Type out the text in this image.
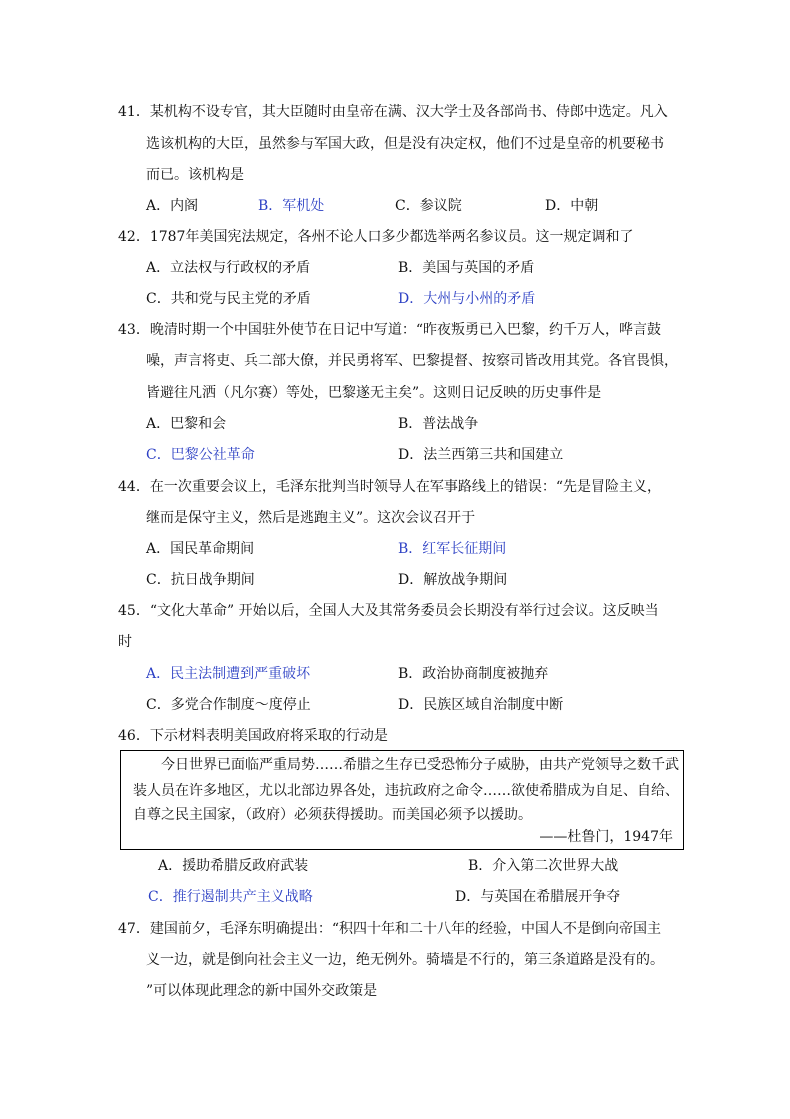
41．某机构不设专官，其大臣随时由皇帝在满、汉大学士及各部尚书、侍郎中选定。凡入
选该机构的大臣，虽然参与军国大政，但是没有决定权，他们不过是皇帝的机要秘书
而已。该机构是
A．内阁	B．军机处	C．参议院	D．中朝
42．1787年美国宪法规定，各州不论人口多少都选举两名参议员。这一规定调和了
A．立法权与行政权的矛盾	B．美国与英国的矛盾
C．共和党与民主党的矛盾	D．大州与小州的矛盾
43．晚清时期一个中国驻外使节在日记中写道：“昨夜叛勇已入巴黎，约千万人，哗言鼓
噪，声言将吏、兵二部大僚，并民勇将军、巴黎提督、按察司皆改用其党。各官畏惧，
皆避往凡洒（凡尔赛）等处，巴黎遂无主矣”。这则日记反映的历史事件是
A．巴黎和会	B．普法战争
C．巴黎公社革命	D．法兰西第三共和国建立
44．在一次重要会议上，毛泽东批判当时领导人在军事路线上的错误：“先是冒险主义，
继而是保守主义，然后是逃跑主义”。这次会议召开于
A．国民革命期间	B．红军长征期间
C．抗日战争期间	D．解放战争期间
45．“文化大革命” 开始以后，全国人大及其常务委员会长期没有举行过会议。这反映当
时
A．民主法制遭到严重破坏	B．政治协商制度被抛弃
C．多党合作制度～度停止	D．民族区域自治制度中断
46．下示材料表明美国政府将采取的行动是
今日世界已面临严重局势……希腊之生存已受恐怖分子威胁，由共产党领导之数千武
装人员在许多地区，尤以北部边界各处，违抗政府之命令……欲使希腊成为自足、自给、
自尊之民主国家，（政府）必须获得援助。而美国必须予以援助。
——杜鲁门，1947年
A．援助希腊反政府武装	B．介入第二次世界大战
C．推行遏制共产主义战略	D．与英国在希腊展开争夺
47．建国前夕，毛泽东明确提出：“积四十年和二十八年的经验，中国人不是倒向帝国主
义一边，就是倒向社会主义一边，绝无例外。骑墙是不行的，第三条道路是没有的。
”可以体现此理念的新中国外交政策是
